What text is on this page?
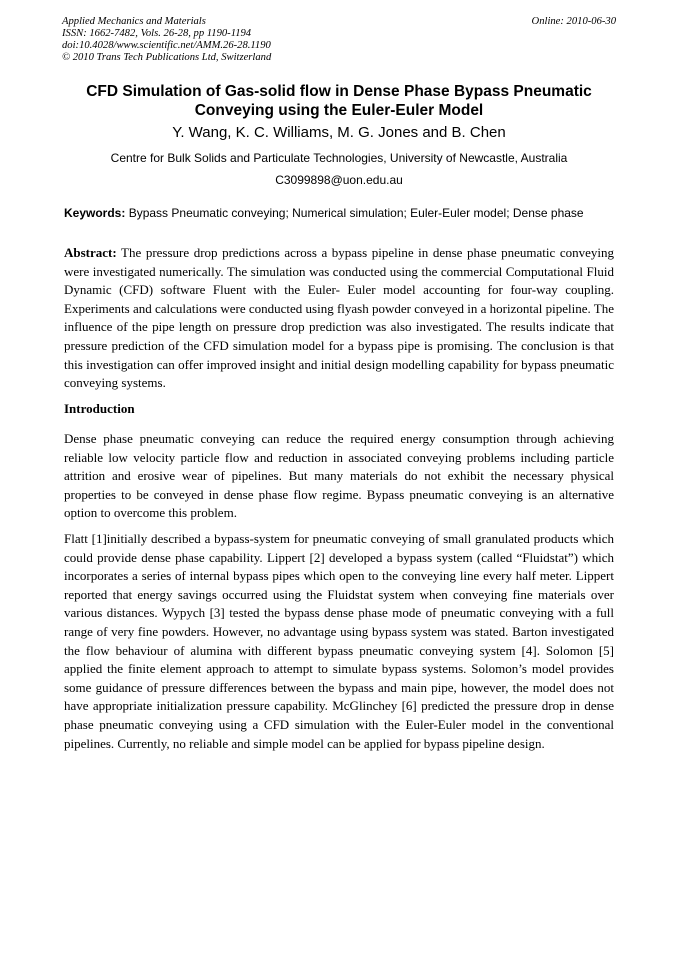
Applied Mechanics and Materials
ISSN: 1662-7482, Vols. 26-28, pp 1190-1194
doi:10.4028/www.scientific.net/AMM.26-28.1190
© 2010 Trans Tech Publications Ltd, Switzerland
Online: 2010-06-30
CFD Simulation of Gas-solid flow in Dense Phase Bypass Pneumatic Conveying using the Euler-Euler Model
Y. Wang, K. C. Williams, M. G. Jones and B. Chen
Centre for Bulk Solids and Particulate Technologies, University of Newcastle, Australia
C3099898@uon.edu.au
Keywords: Bypass Pneumatic conveying; Numerical simulation; Euler-Euler model; Dense phase
Abstract: The pressure drop predictions across a bypass pipeline in dense phase pneumatic conveying were investigated numerically. The simulation was conducted using the commercial Computational Fluid Dynamic (CFD) software Fluent with the Euler- Euler model accounting for four-way coupling. Experiments and calculations were conducted using flyash powder conveyed in a horizontal pipeline. The influence of the pipe length on pressure drop prediction was also investigated. The results indicate that pressure prediction of the CFD simulation model for a bypass pipe is promising. The conclusion is that this investigation can offer improved insight and initial design modelling capability for bypass pneumatic conveying systems.
Introduction
Dense phase pneumatic conveying can reduce the required energy consumption through achieving reliable low velocity particle flow and reduction in associated conveying problems including particle attrition and erosive wear of pipelines. But many materials do not exhibit the necessary physical properties to be conveyed in dense phase flow regime. Bypass pneumatic conveying is an alternative option to overcome this problem.
Flatt [1]initially described a bypass-system for pneumatic conveying of small granulated products which could provide dense phase capability. Lippert [2] developed a bypass system (called “Fluidstat”) which incorporates a series of internal bypass pipes which open to the conveying line every half meter. Lippert reported that energy savings occurred using the Fluidstat system when conveying fine materials over various distances. Wypych [3] tested the bypass dense phase mode of pneumatic conveying with a full range of very fine powders. However, no advantage using bypass system was stated. Barton investigated the flow behaviour of alumina with different bypass pneumatic conveying system [4]. Solomon [5] applied the finite element approach to attempt to simulate bypass systems. Solomon’s model provides some guidance of pressure differences between the bypass and main pipe, however, the model does not have appropriate initialization pressure capability. McGlinchey [6] predicted the pressure drop in dense phase pneumatic conveying using a CFD simulation with the Euler-Euler model in the conventional pipelines. Currently, no reliable and simple model can be applied for bypass pipeline design.
